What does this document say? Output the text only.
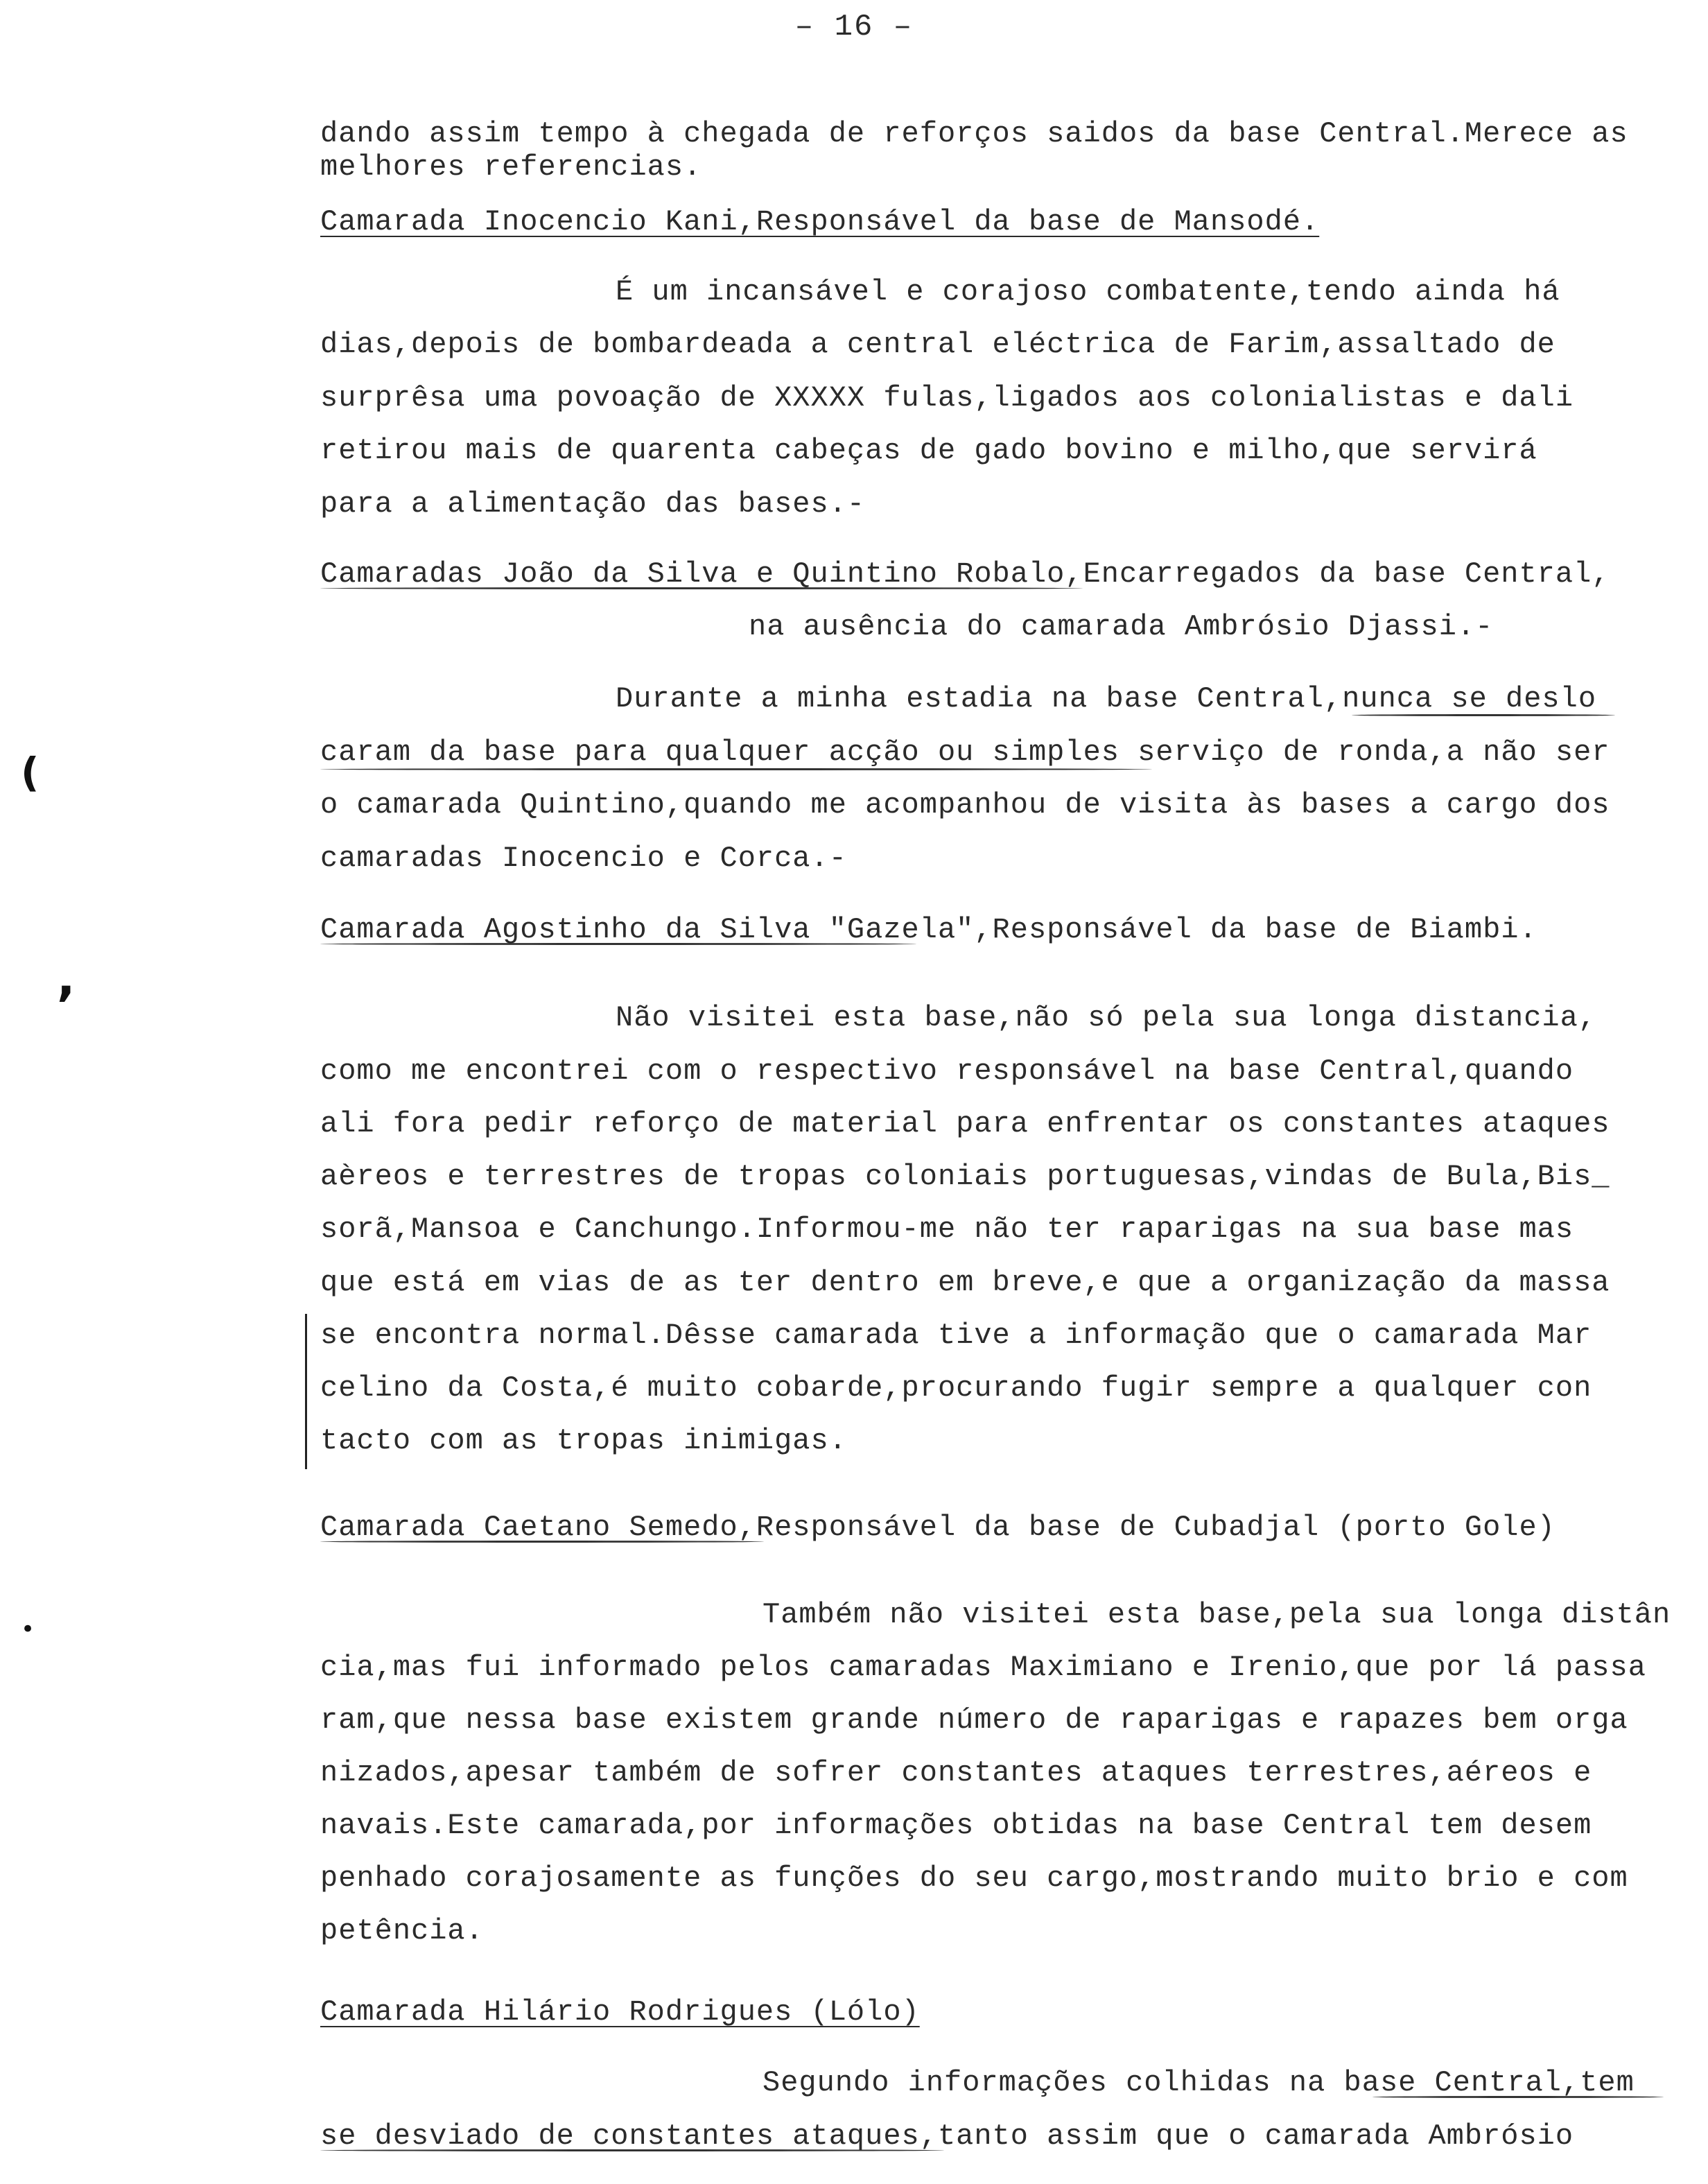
– 16 –
dando assim tempo à chegada de reforços saidos da base Central.Merece as
melhores referencias.
Camarada Inocencio Kani,Responsável da base de Mansodé.
É um incansável e corajoso combatente,tendo ainda há
dias,depois de bombardeada a central eléctrica de Farim,assaltado de
surprêsa uma povoação de XXXXX fulas,ligados aos colonialistas e dali
retirou mais de quarenta cabeças de gado bovino e milho,que servirá
para a alimentação das bases.-
Camaradas João da Silva e Quintino Robalo,Encarregados da base Central,
na ausência do camarada Ambrósio Djassi.-
Durante a minha estadia na base Central,nunca se deslo
caram da base para qualquer acção ou simples serviço de ronda,a não ser
o camarada Quintino,quando me acompanhou de visita às bases a cargo dos
camaradas Inocencio e Corca.-
Camarada Agostinho da Silva "Gazela",Responsável da base de Biambi.
Não visitei esta base,não só pela sua longa distancia,
como me encontrei com o respectivo responsável na base Central,quando
ali fora pedir reforço de material para enfrentar os constantes ataques
aèreos e terrestres de tropas coloniais portuguesas,vindas de Bula,Bis_
sorã,Mansoa e Canchungo.Informou-me não ter raparigas na sua base mas
que está em vias de as ter dentro em breve,e que a organização da massa
se encontra normal.Dêsse camarada tive a informação que o camarada Mar
celino da Costa,é muito cobarde,procurando fugir sempre a qualquer con
tacto com as tropas inimigas.
Camarada Caetano Semedo,Responsável da base de Cubadjal (porto Gole)
Também não visitei esta base,pela sua longa distân
cia,mas fui informado pelos camaradas Maximiano e Irenio,que por lá passa
ram,que nessa base existem grande número de raparigas e rapazes bem orga
nizados,apesar também de sofrer constantes ataques terrestres,aéreos e
navais.Este camarada,por informações obtidas na base Central tem desem
penhado corajosamente as funções do seu cargo,mostrando muito brio e com
petência.
Camarada Hilário Rodrigues (Lólo)
Segundo informações colhidas na base Central,tem
se desviado de constantes ataques,tanto assim que o camarada Ambrósio
(
,
•
